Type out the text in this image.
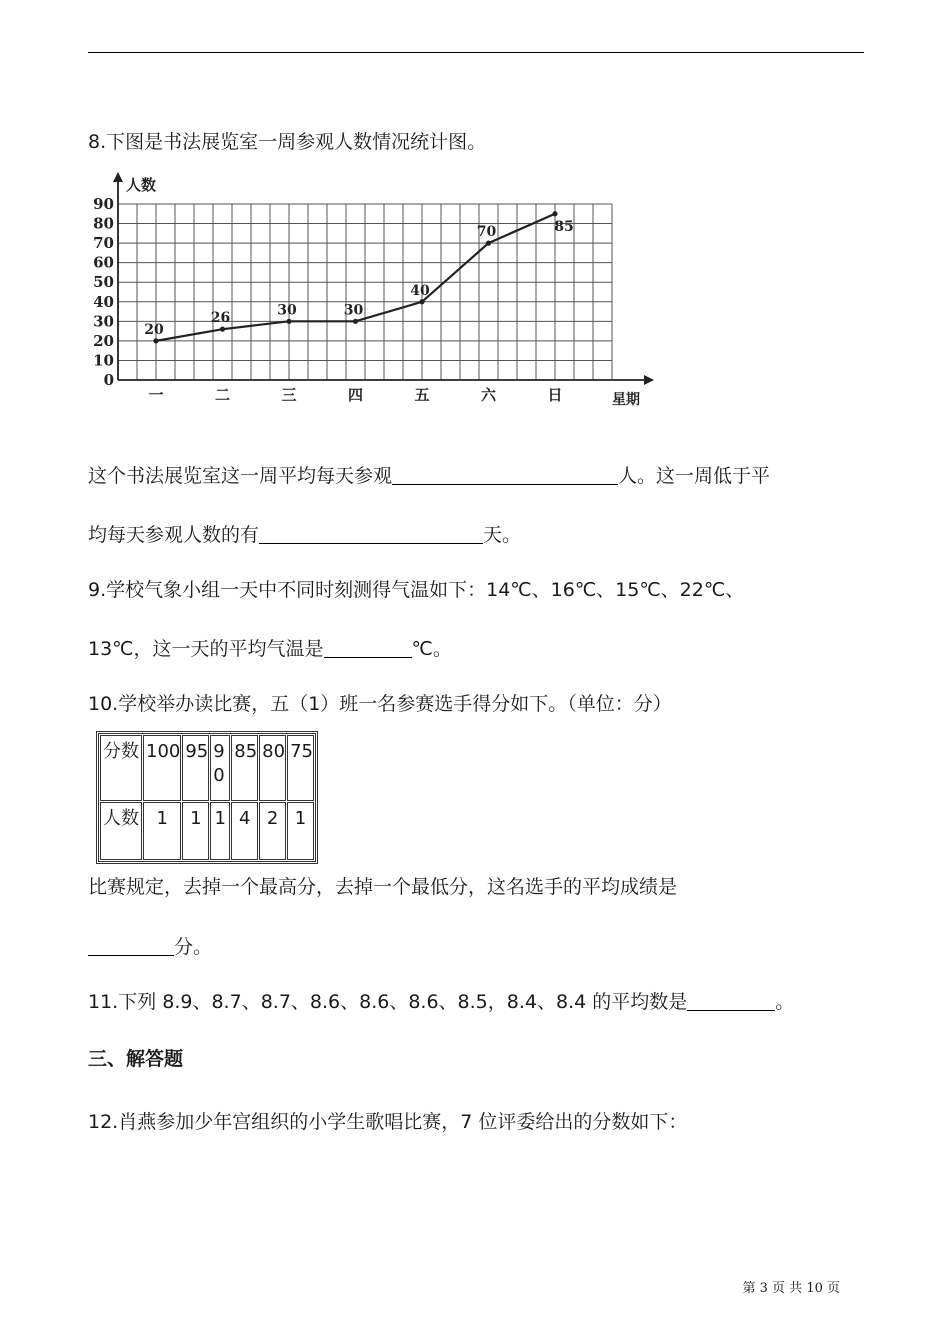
8.下图是书法展览室一周参观人数情况统计图。
0
10
20
30
40
50
60
70
80
90
人数
星期
一	二	三	四	五	六	日
20
26	30	30
40
70	85
这个书法展览室这一周平均每天参观	人。这一周低于平
均每天参观人数的有	天。
9.学校气象小组一天中不同时刻测得气温如下：14℃、16℃、15℃、22℃、
13℃，这一天的平均气温是	℃。
10.学校举办读比赛，五（1）班一名参赛选手得分如下。（单位：分）
分数	100	95	90	85	80	75
人数	1	1	1	4	2	1
比赛规定，去掉一个最高分，去掉一个最低分，这名选手的平均成绩是
分。
11.下列 8.9、8.7、8.7、8.6、8.6、8.6、8.5，8.4、8.4 的平均数是	。
三、解答题
12.肖燕参加少年宫组织的小学生歌唱比赛，7 位评委给出的分数如下：
第 3 页 共 10 页
